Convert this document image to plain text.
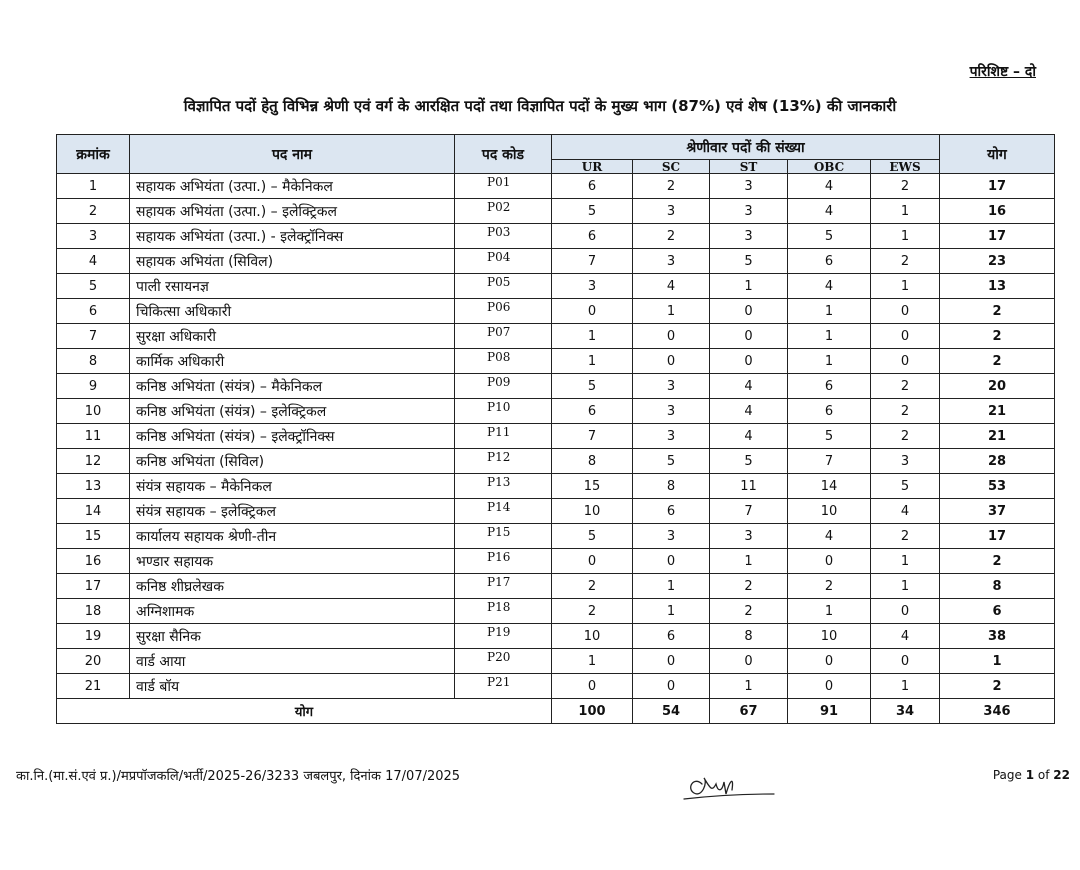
परिशिष्ट – दो
विज्ञापित पदों हेतु विभिन्न श्रेणी एवं वर्ग के आरक्षित पदों तथा विज्ञापित पदों के मुख्य भाग (87%) एवं शेष (13%) की जानकारी
क्रमांक	पद नाम	पद कोड	श्रेणीवार पदों की संख्या					योग
			UR	SC	ST	OBC	EWS	
1	सहायक अभियंता (उत्पा.) – मैकेनिकल	P01	6	2	3	4	2	17
2	सहायक अभियंता (उत्पा.) – इलेक्ट्रिकल	P02	5	3	3	4	1	16
3	सहायक अभियंता (उत्पा.) - इलेक्ट्रॉनिक्स	P03	6	2	3	5	1	17
4	सहायक अभियंता (सिविल)	P04	7	3	5	6	2	23
5	पाली रसायनज्ञ	P05	3	4	1	4	1	13
6	चिकित्सा अधिकारी	P06	0	1	0	1	0	2
7	सुरक्षा अधिकारी	P07	1	0	0	1	0	2
8	कार्मिक अधिकारी	P08	1	0	0	1	0	2
9	कनिष्ठ अभियंता (संयंत्र) – मैकेनिकल	P09	5	3	4	6	2	20
10	कनिष्ठ अभियंता (संयंत्र) – इलेक्ट्रिकल	P10	6	3	4	6	2	21
11	कनिष्ठ अभियंता (संयंत्र) – इलेक्ट्रॉनिक्स	P11	7	3	4	5	2	21
12	कनिष्ठ अभियंता (सिविल)	P12	8	5	5	7	3	28
13	संयंत्र सहायक – मैकेनिकल	P13	15	8	11	14	5	53
14	संयंत्र सहायक – इलेक्ट्रिकल	P14	10	6	7	10	4	37
15	कार्यालय सहायक श्रेणी-तीन	P15	5	3	3	4	2	17
16	भण्डार सहायक	P16	0	0	1	0	1	2
17	कनिष्ठ शीघ्रलेखक	P17	2	1	2	2	1	8
18	अग्निशामक	P18	2	1	2	1	0	6
19	सुरक्षा सैनिक	P19	10	6	8	10	4	38
20	वार्ड आया	P20	1	0	0	0	0	1
21	वार्ड बॉय	P21	0	0	1	0	1	2
योग			100	54	67	91	34	346
का.नि.(मा.सं.एवं प्र.)/मप्रपॉजकलि/भर्ती/2025-26/3233 जबलपुर, दिनांक 17/07/2025	Page 1 of 22
